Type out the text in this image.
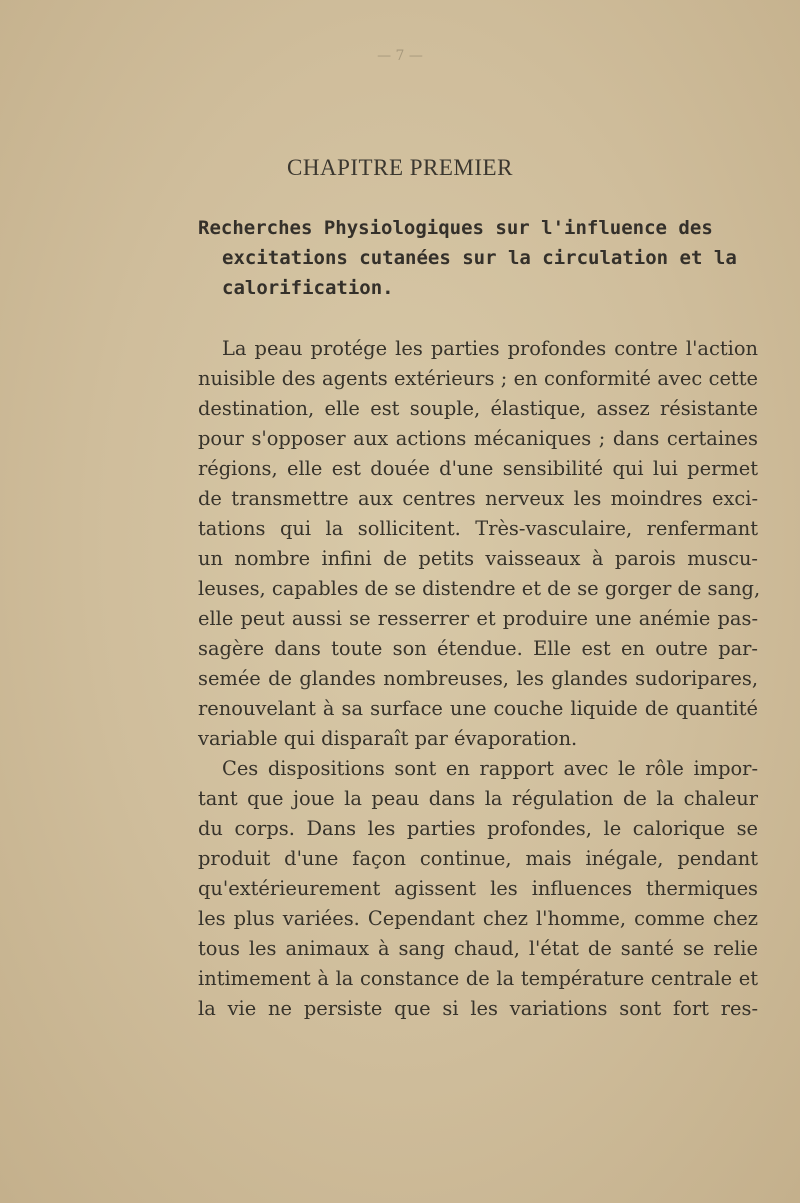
— 7 —
CHAPITRE PREMIER
Recherches Physiologiques sur l'influence des
excitations cutanées sur la circulation et la
calorification.
La peau protége les parties profondes contre l'action
nuisible des agents extérieurs ; en conformité avec cette
destination, elle est souple, élastique, assez résistante
pour s'opposer aux actions mécaniques ; dans certaines
régions, elle est douée d'une sensibilité qui lui permet
de transmettre aux centres nerveux les moindres exci-
tations qui la sollicitent. Très-vasculaire, renfermant
un nombre infini de petits vaisseaux à parois muscu-
leuses, capables de se distendre et de se gorger de sang,
elle peut aussi se resserrer et produire une anémie pas-
sagère dans toute son étendue. Elle est en outre par-
semée de glandes nombreuses, les glandes sudoripares,
renouvelant à sa surface une couche liquide de quantité
variable qui disparaît par évaporation.
Ces dispositions sont en rapport avec le rôle impor-
tant que joue la peau dans la régulation de la chaleur
du corps. Dans les parties profondes, le calorique se
produit d'une façon continue, mais inégale, pendant
qu'extérieurement agissent les influences thermiques
les plus variées. Cependant chez l'homme, comme chez
tous les animaux à sang chaud, l'état de santé se relie
intimement à la constance de la température centrale et
la vie ne persiste que si les variations sont fort res-
